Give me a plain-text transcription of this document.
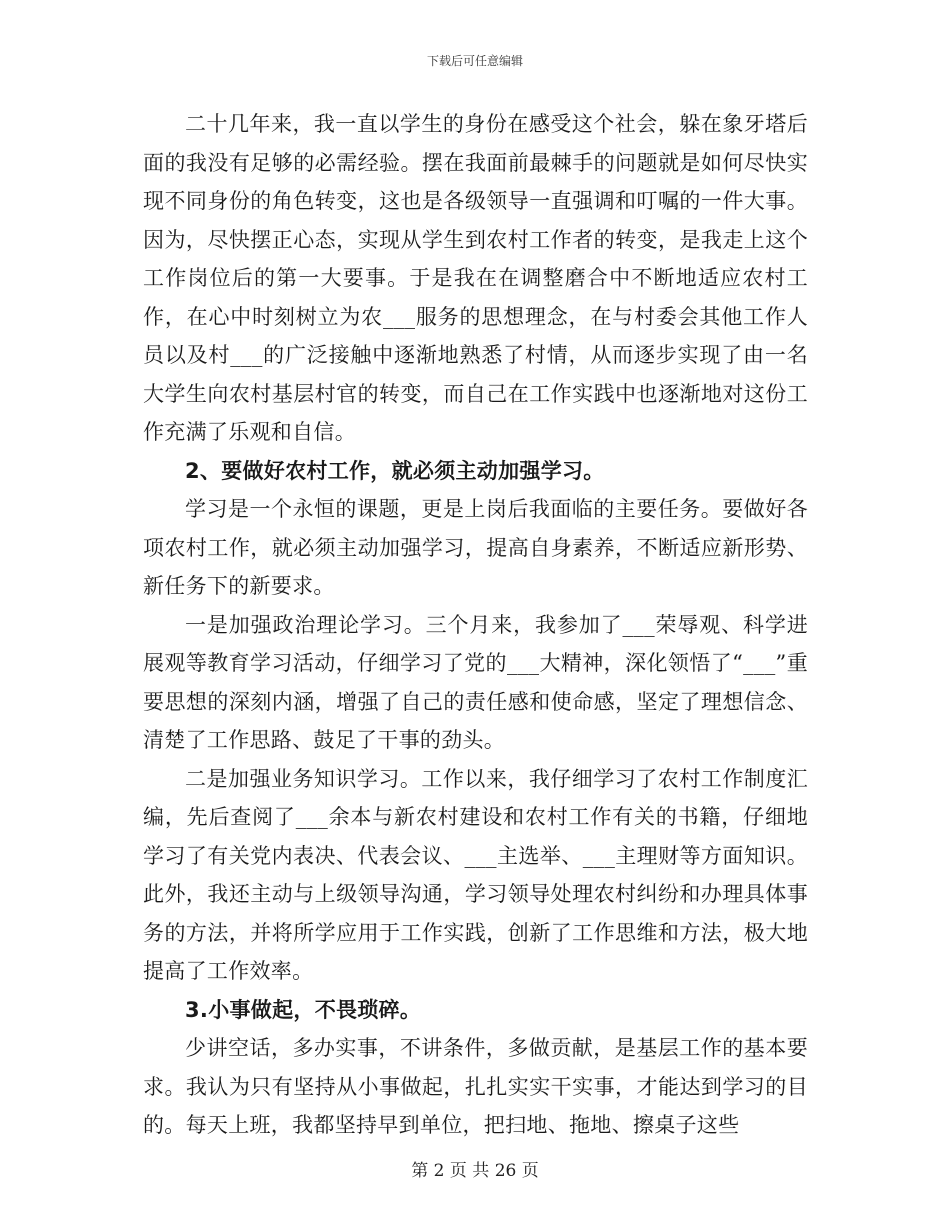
下载后可任意编辑

二十几年来，我一直以学生的身份在感受这个社会，躲在象牙塔后面的我没有足够的必需经验。摆在我面前最棘手的问题就是如何尽快实现不同身份的角色转变，这也是各级领导一直强调和叮嘱的一件大事。因为，尽快摆正心态，实现从学生到农村工作者的转变，是我走上这个工作岗位后的第一大要事。于是我在在调整磨合中不断地适应农村工作，在心中时刻树立为农___服务的思想理念，在与村委会其他工作人员以及村___的广泛接触中逐渐地熟悉了村情，从而逐步实现了由一名大学生向农村基层村官的转变，而自己在工作实践中也逐渐地对这份工作充满了乐观和自信。

2、要做好农村工作，就必须主动加强学习。

学习是一个永恒的课题，更是上岗后我面临的主要任务。要做好各项农村工作，就必须主动加强学习，提高自身素养，不断适应新形势、新任务下的新要求。

一是加强政治理论学习。三个月来，我参加了___荣辱观、科学进展观等教育学习活动，仔细学习了党的___大精神，深化领悟了“___”重要思想的深刻内涵，增强了自己的责任感和使命感，坚定了理想信念、清楚了工作思路、鼓足了干事的劲头。

二是加强业务知识学习。工作以来，我仔细学习了农村工作制度汇编，先后查阅了___余本与新农村建设和农村工作有关的书籍，仔细地学习了有关党内表决、代表会议、___主选举、___主理财等方面知识。此外，我还主动与上级领导沟通，学习领导处理农村纠纷和办理具体事务的方法，并将所学应用于工作实践，创新了工作思维和方法，极大地提高了工作效率。

3.小事做起，不畏琐碎。

少讲空话，多办实事，不讲条件，多做贡献，是基层工作的基本要求。我认为只有坚持从小事做起，扎扎实实干实事，才能达到学习的目的。每天上班，我都坚持早到单位，把扫地、拖地、擦桌子这些

第 2 页 共 26 页
